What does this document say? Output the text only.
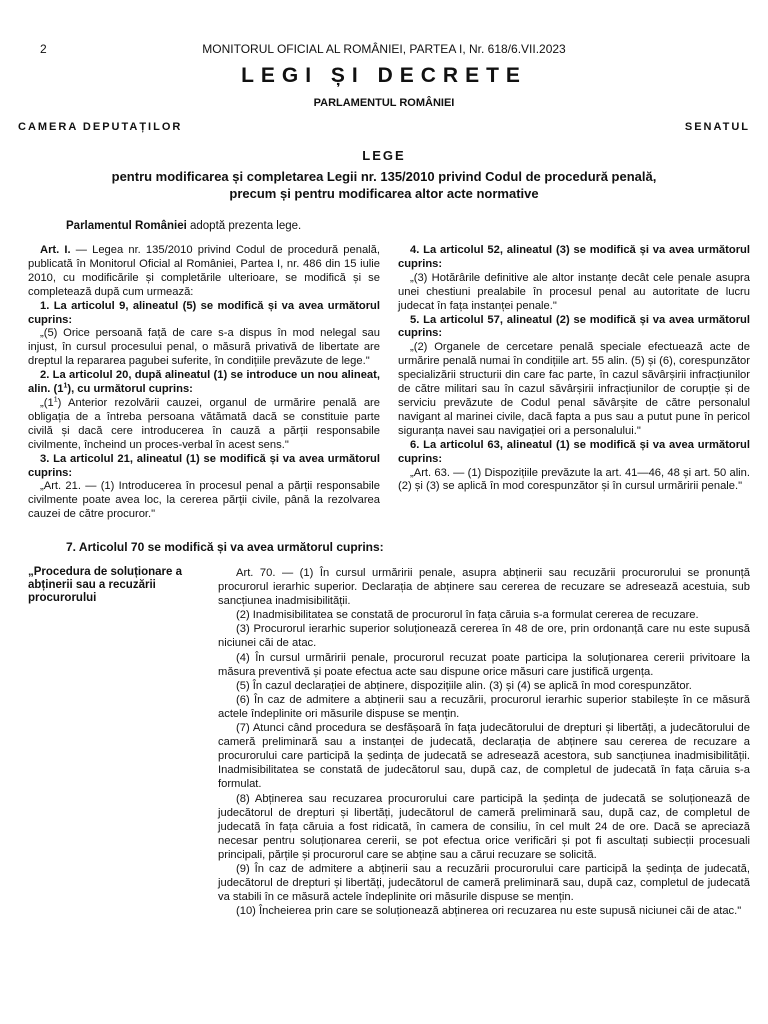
2	MONITORUL OFICIAL AL ROMÂNIEI, PARTEA I, Nr. 618/6.VII.2023
LEGI ȘI DECRETE
PARLAMENTUL ROMÂNIEI
CAMERA DEPUTAȚILOR	SENATUL
LEGE
pentru modificarea și completarea Legii nr. 135/2010 privind Codul de procedură penală,
precum și pentru modificarea altor acte normative
Parlamentul României adoptă prezenta lege.

Art. I. — Legea nr. 135/2010 privind Codul de procedură penală, publicată în Monitorul Oficial al României, Partea I, nr. 486 din 15 iulie 2010, cu modificările și completările ulterioare, se modifică și se completează după cum urmează:

1. La articolul 9, alineatul (5) se modifică și va avea următorul cuprins:

„(5) Orice persoană față de care s-a dispus în mod nelegal sau injust, în cursul procesului penal, o măsură privativă de libertate are dreptul la repararea pagubei suferite, în condițiile prevăzute de lege."

2. La articolul 20, după alineatul (1) se introduce un nou alineat, alin. $(1^1)$, cu următorul cuprins:

$„(1^1)$ Anterior rezolvării cauzei, organul de urmărire penală are obligația de a întreba persoana vătămată dacă se constituie parte civilă și dacă cere introducerea în cauză a părții responsabile civilmente, încheind un proces-verbal în acest sens."

3. La articolul 21, alineatul (1) se modifică și va avea următorul cuprins:

„Art. 21. — (1) Introducerea în procesul penal a părții responsabile civilmente poate avea loc, la cererea părții civile, până la rezolvarea cauzei de către procuror."

4. La articolul 52, alineatul (3) se modifică și va avea următorul cuprins:

„(3) Hotărârile definitive ale altor instanțe decât cele penale asupra unei chestiuni prealabile în procesul penal au autoritate de lucru judecat în fața instanței penale."

5. La articolul 57, alineatul (2) se modifică și va avea următorul cuprins:

„(2) Organele de cercetare penală speciale efectuează acte de urmărire penală numai în condițiile art. 55 alin. (5) și (6), corespunzător specializării structurii din care fac parte, în cazul săvârșirii infracțiunilor de către militari sau în cazul săvârșirii infracțiunilor de corupție și de serviciu prevăzute de Codul penal săvârșite de către personalul navigant al marinei civile, dacă fapta a pus sau a putut pune în pericol siguranța navei sau navigației ori a personalului."

6. La articolul 63, alineatul (1) se modifică și va avea următorul cuprins:

„Art. 63. — (1) Dispozițiile prevăzute la art. 41—46, 48 și art. 50 alin. (2) și (3) se aplică în mod corespunzător și în cursul urmăririi penale."

7. Articolul 70 se modifică și va avea următorul cuprins:
„Procedura de soluționare a abținerii sau a recuzării procurorului

Art. 70. — (1) În cursul urmăririi penale, asupra abținerii sau recuzării procurorului se pronunță procurorul ierarhic superior. Declarația de abținere sau cererea de recuzare se adresează acestuia, sub sancțiunea inadmisibilității.

(2) Inadmisibilitatea se constată de procurorul în fața căruia s-a formulat cererea de recuzare.

(3) Procurorul ierarhic superior soluționează cererea în 48 de ore, prin ordonanță care nu este supusă niciunei căi de atac.

(4) În cursul urmăririi penale, procurorul recuzat poate participa la soluționarea cererii privitoare la măsura preventivă și poate efectua acte sau dispune orice măsuri care justifică urgența.

(5) În cazul declarației de abținere, dispozițiile alin. (3) și (4) se aplică în mod corespunzător.

(6) În caz de admitere a abținerii sau a recuzării, procurorul ierarhic superior stabilește în ce măsură actele îndeplinite ori măsurile dispuse se mențin.

(7) Atunci când procedura se desfășoară în fața judecătorului de drepturi și libertăți, a judecătorului de cameră preliminară sau a instanței de judecată, declarația de abținere sau cererea de recuzare a procurorului care participă la ședința de judecată se adresează acestora, sub sancțiunea inadmisibilității. Inadmisibilitatea se constată de judecătorul sau, după caz, de completul de judecată în fața căruia s-a formulat.

(8) Abținerea sau recuzarea procurorului care participă la ședința de judecată se soluționează de judecătorul de drepturi și libertăți, judecătorul de cameră preliminară sau, după caz, de completul de judecată în fața căruia a fost ridicată, în camera de consiliu, în cel mult 24 de ore. Dacă se apreciază necesar pentru soluționarea cererii, se pot efectua orice verificări și pot fi ascultați subiecții procesuali principali, părțile și procurorul care se abține sau a cărui recuzare se solicită.

(9) În caz de admitere a abținerii sau a recuzării procurorului care participă la ședința de judecată, judecătorul de drepturi și libertăți, judecătorul de cameră preliminară sau, după caz, completul de judecată va stabili în ce măsură actele îndeplinite ori măsurile dispuse se mențin.

(10) Încheierea prin care se soluționează abținerea ori recuzarea nu este supusă niciunei căi de atac."
